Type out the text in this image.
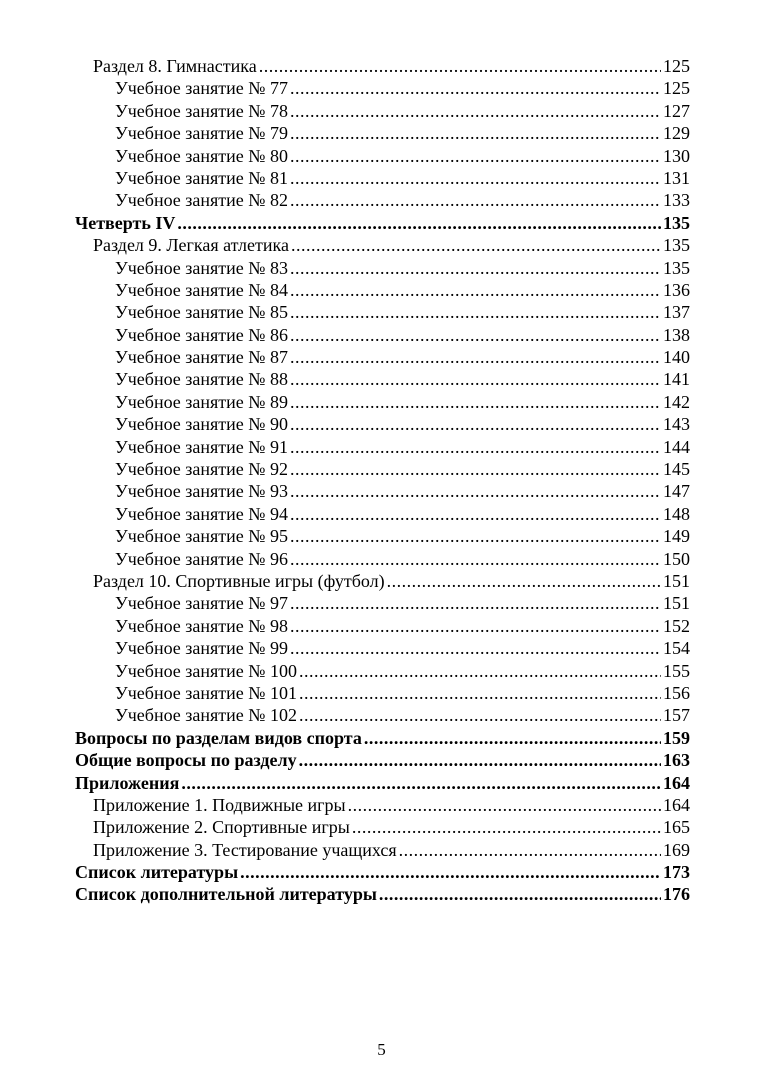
Раздел 8. Гимнастика .....	125
Учебное занятие № 77 .....	125
Учебное занятие № 78 .....	127
Учебное занятие № 79 .....	129
Учебное занятие № 80 .....	130
Учебное занятие № 81 .....	131
Учебное занятие № 82 .....	133
Четверть IV .....	135
Раздел 9. Легкая атлетика .....	135
Учебное занятие № 83 .....	135
Учебное занятие № 84 .....	136
Учебное занятие № 85 .....	137
Учебное занятие № 86 .....	138
Учебное занятие № 87 .....	140
Учебное занятие № 88 .....	141
Учебное занятие № 89 .....	142
Учебное занятие № 90 .....	143
Учебное занятие № 91 .....	144
Учебное занятие № 92 .....	145
Учебное занятие № 93 .....	147
Учебное занятие № 94 .....	148
Учебное занятие № 95 .....	149
Учебное занятие № 96 .....	150
Раздел 10. Спортивные игры (футбол) .....	151
Учебное занятие № 97 .....	151
Учебное занятие № 98 .....	152
Учебное занятие № 99 .....	154
Учебное занятие № 100 .....	155
Учебное занятие № 101 .....	156
Учебное занятие № 102 .....	157
Вопросы по разделам видов спорта .....	159
Общие вопросы по разделу .....	163
Приложения .....	164
Приложение 1. Подвижные игры .....	164
Приложение 2. Спортивные игры .....	165
Приложение 3. Тестирование учащихся .....	169
Список литературы .....	173
Список дополнительной литературы .....	176
5
